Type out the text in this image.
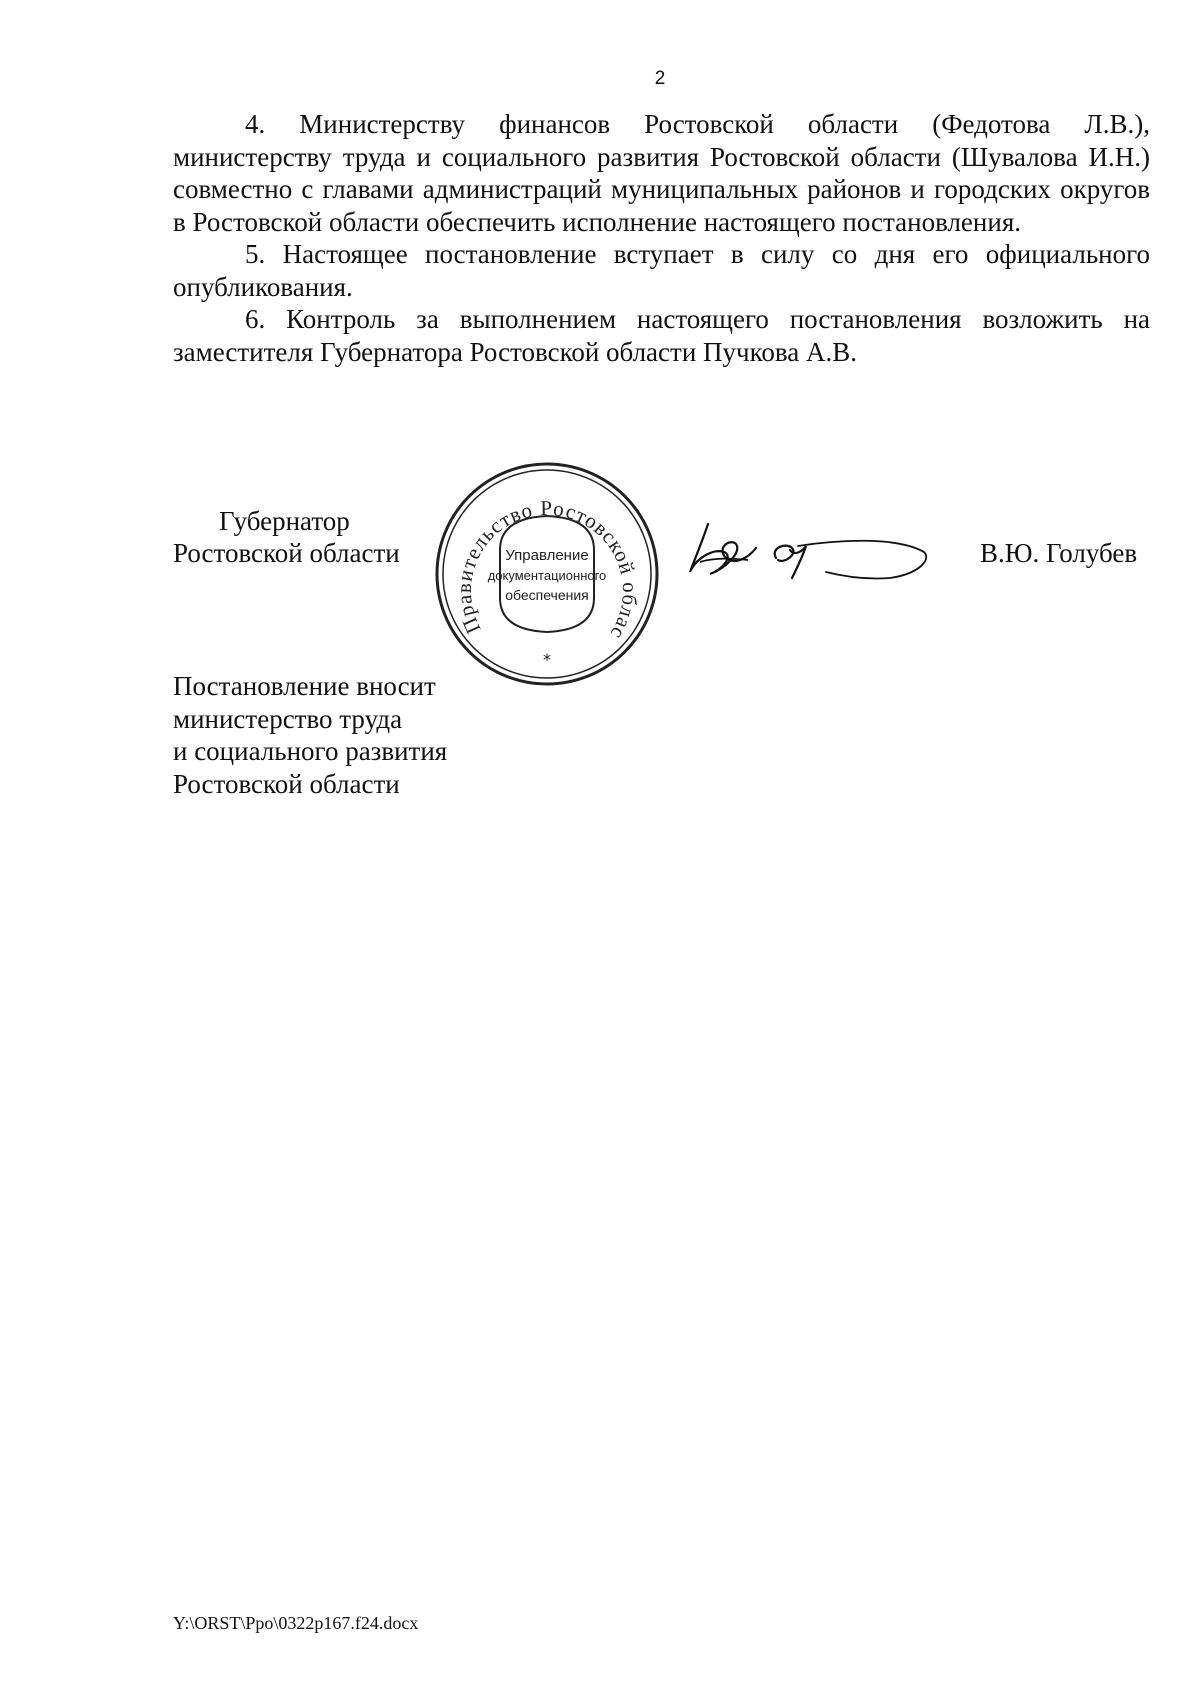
2

4. Министерству финансов Ростовской области (Федотова Л.В.), министерству труда и социального развития Ростовской области (Шувалова И.Н.) совместно с главами администраций муниципальных районов и городских округов в Ростовской области обеспечить исполнение настоящего постановления.

5. Настоящее постановление вступает в силу со дня его официального опубликования.

6. Контроль за выполнением настоящего постановления возложить на заместителя Губернатора Ростовской области Пучкова А.В.

Губернатор
Ростовской области
Правительство Ростовской облас
Управление
документационного
обеспечения
*
В.Ю. Голубев
Постановление вносит
министерство труда
и социального развития
Ростовской области
Y:\ORST\Ppo\0322p167.f24.docx
